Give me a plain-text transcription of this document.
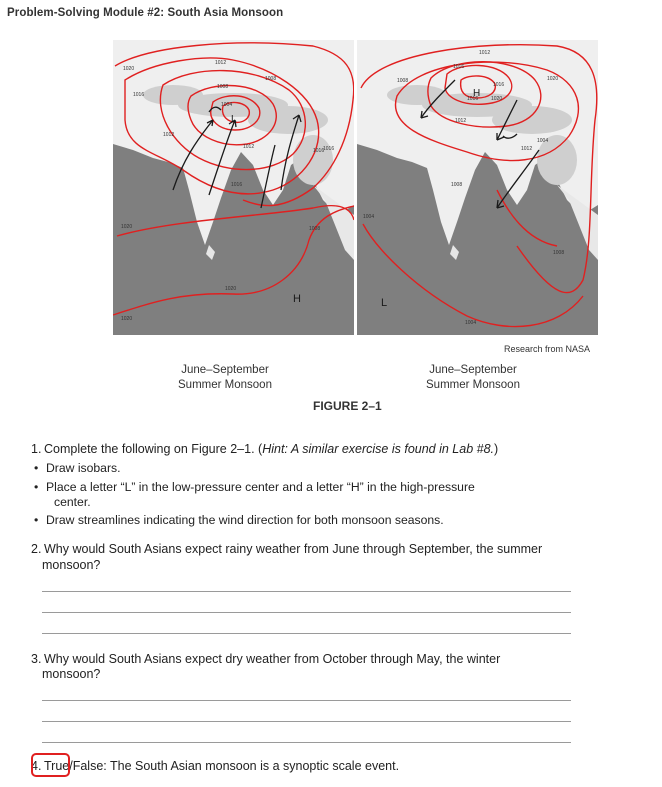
Problem-Solving Module #2: South Asia Monsoon
1020
1016
1012
1008
1004
1008
1012
1012
1016
1016
1020
1020
1020
1016
1008
H
L
1012
1016
1008
1016	1020
1016
1012
1012
1008
1004
1008
1004
1004
1020
L
H
Research from NASA
June–September
Summer Monsoon
June–September
Summer Monsoon
FIGURE 2–1
1. Complete the following on Figure 2–1. (Hint: A similar exercise is found in Lab #8.)
• Draw isobars.
• Place a letter “L” in the low-pressure center and a letter “H” in the high-pressure
center.
• Draw streamlines indicating the wind direction for both monsoon seasons.
2. Why would South Asians expect rainy weather from June through September, the summer
monsoon?
3. Why would South Asians expect dry weather from October through May, the winter
monsoon?
4. True/False: The South Asian monsoon is a synoptic scale event.
